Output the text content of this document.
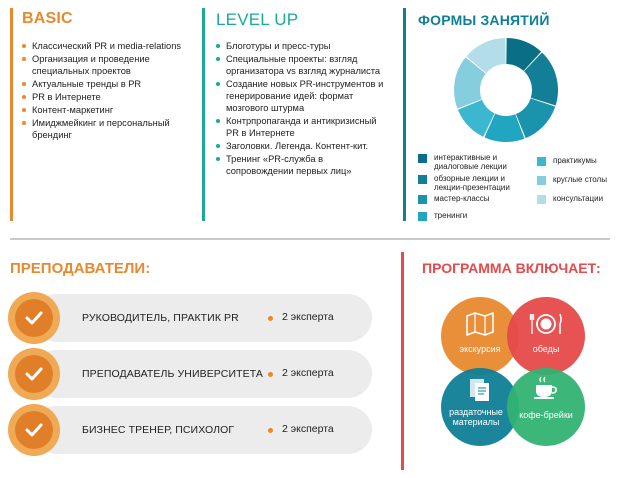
BASIC
Классический PR и media-relations
Организация и проведение специальных проектов
Актуальные тренды в PR
PR в Интернете
Контент-маркетинг
Имиджмейкинг и персональный брендинг
LEVEL UP
Блоготуры и пресс-туры
Специальные проекты: взгляд организатора vs взгляд журналиста
Создание новых PR-инструментов и генерирование идей: формат мозгового штурма
Контрпропаганда и антикризисный PR в Интернете
Заголовки. Легенда. Контент-кит.
Тренинг «PR-служба в сопровождении первых лиц»
ФОРМЫ ЗАНЯТИЙ
интерактивные и диалоговые лекции
обзорные лекции и лекции-презентации
мастер-классы
тренинги
практикумы
круглые столы
консультации
ПРЕПОДАВАТЕЛИ:
РУКОВОДИТЕЛЬ, ПРАКТИК PR	2 эксперта
ПРЕПОДАВАТЕЛЬ УНИВЕРСИТЕТА 2 эксперта
БИЗНЕС ТРЕНЕР, ПСИХОЛОГ	2 эксперта
ПРОГРАММА ВКЛЮЧАЕТ:
экскурсия	обеды
раздаточные материалы
кофе-брейки
